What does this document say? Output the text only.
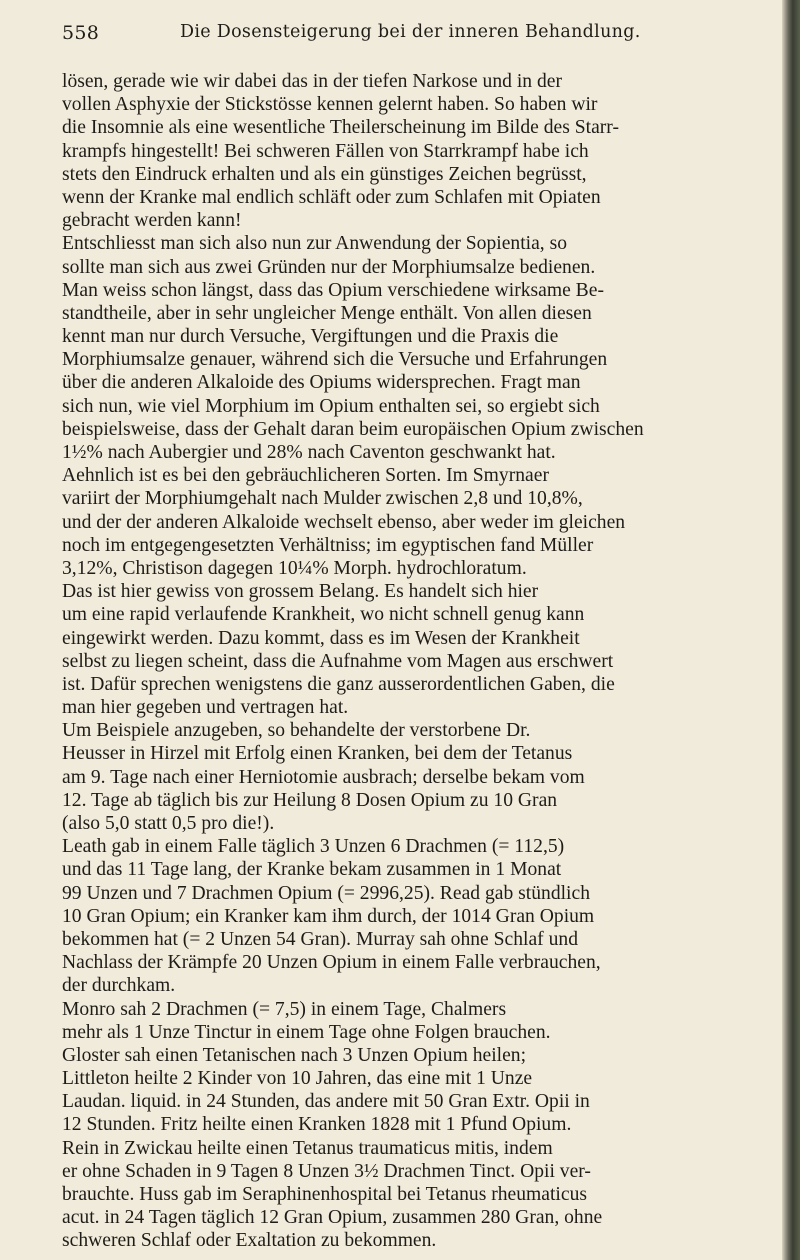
558	Die Dosensteigerung bei der inneren Behandlung.
lösen, gerade wie wir dabei das in der tiefen Narkose und in der
vollen Asphyxie der Stickstösse kennen gelernt haben. So haben wir
die Insomnie als eine wesentliche Theilerscheinung im Bilde des Starr-
krampfs hingestellt! Bei schweren Fällen von Starrkrampf habe ich
stets den Eindruck erhalten und als ein günstiges Zeichen begrüsst,
wenn der Kranke mal endlich schläft oder zum Schlafen mit Opiaten
gebracht werden kann!
Entschliesst man sich also nun zur Anwendung der Sopientia, so
sollte man sich aus zwei Gründen nur der Morphiumsalze bedienen.
Man weiss schon längst, dass das Opium verschiedene wirksame Be-
standtheile, aber in sehr ungleicher Menge enthält. Von allen diesen
kennt man nur durch Versuche, Vergiftungen und die Praxis die
Morphiumsalze genauer, während sich die Versuche und Erfahrungen
über die anderen Alkaloide des Opiums widersprechen. Fragt man
sich nun, wie viel Morphium im Opium enthalten sei, so ergiebt sich
beispielsweise, dass der Gehalt daran beim europäischen Opium zwischen
1½% nach Aubergier und 28% nach Caventon geschwankt hat.
Aehnlich ist es bei den gebräuchlicheren Sorten. Im Smyrnaer
variirt der Morphiumgehalt nach Mulder zwischen 2,8 und 10,8%,
und der der anderen Alkaloide wechselt ebenso, aber weder im gleichen
noch im entgegengesetzten Verhältniss; im egyptischen fand Müller
3,12%, Christison dagegen 10¼% Morph. hydrochloratum.
Das ist hier gewiss von grossem Belang. Es handelt sich hier
um eine rapid verlaufende Krankheit, wo nicht schnell genug kann
eingewirkt werden. Dazu kommt, dass es im Wesen der Krankheit
selbst zu liegen scheint, dass die Aufnahme vom Magen aus erschwert
ist. Dafür sprechen wenigstens die ganz ausserordentlichen Gaben, die
man hier gegeben und vertragen hat.
Um Beispiele anzugeben, so behandelte der verstorbene Dr.
Heusser in Hirzel mit Erfolg einen Kranken, bei dem der Tetanus
am 9. Tage nach einer Herniotomie ausbrach; derselbe bekam vom
12. Tage ab täglich bis zur Heilung 8 Dosen Opium zu 10 Gran
(also 5,0 statt 0,5 pro die!).
Leath gab in einem Falle täglich 3 Unzen 6 Drachmen (= 112,5)
und das 11 Tage lang, der Kranke bekam zusammen in 1 Monat
99 Unzen und 7 Drachmen Opium (= 2996,25). Read gab stündlich
10 Gran Opium; ein Kranker kam ihm durch, der 1014 Gran Opium
bekommen hat (= 2 Unzen 54 Gran). Murray sah ohne Schlaf und
Nachlass der Krämpfe 20 Unzen Opium in einem Falle verbrauchen,
der durchkam.
Monro sah 2 Drachmen (= 7,5) in einem Tage, Chalmers
mehr als 1 Unze Tinctur in einem Tage ohne Folgen brauchen.
Gloster sah einen Tetanischen nach 3 Unzen Opium heilen;
Littleton heilte 2 Kinder von 10 Jahren, das eine mit 1 Unze
Laudan. liquid. in 24 Stunden, das andere mit 50 Gran Extr. Opii in
12 Stunden. Fritz heilte einen Kranken 1828 mit 1 Pfund Opium.
Rein in Zwickau heilte einen Tetanus traumaticus mitis, indem
er ohne Schaden in 9 Tagen 8 Unzen 3½ Drachmen Tinct. Opii ver-
brauchte. Huss gab im Seraphinenhospital bei Tetanus rheumaticus
acut. in 24 Tagen täglich 12 Gran Opium, zusammen 280 Gran, ohne
schweren Schlaf oder Exaltation zu bekommen.
